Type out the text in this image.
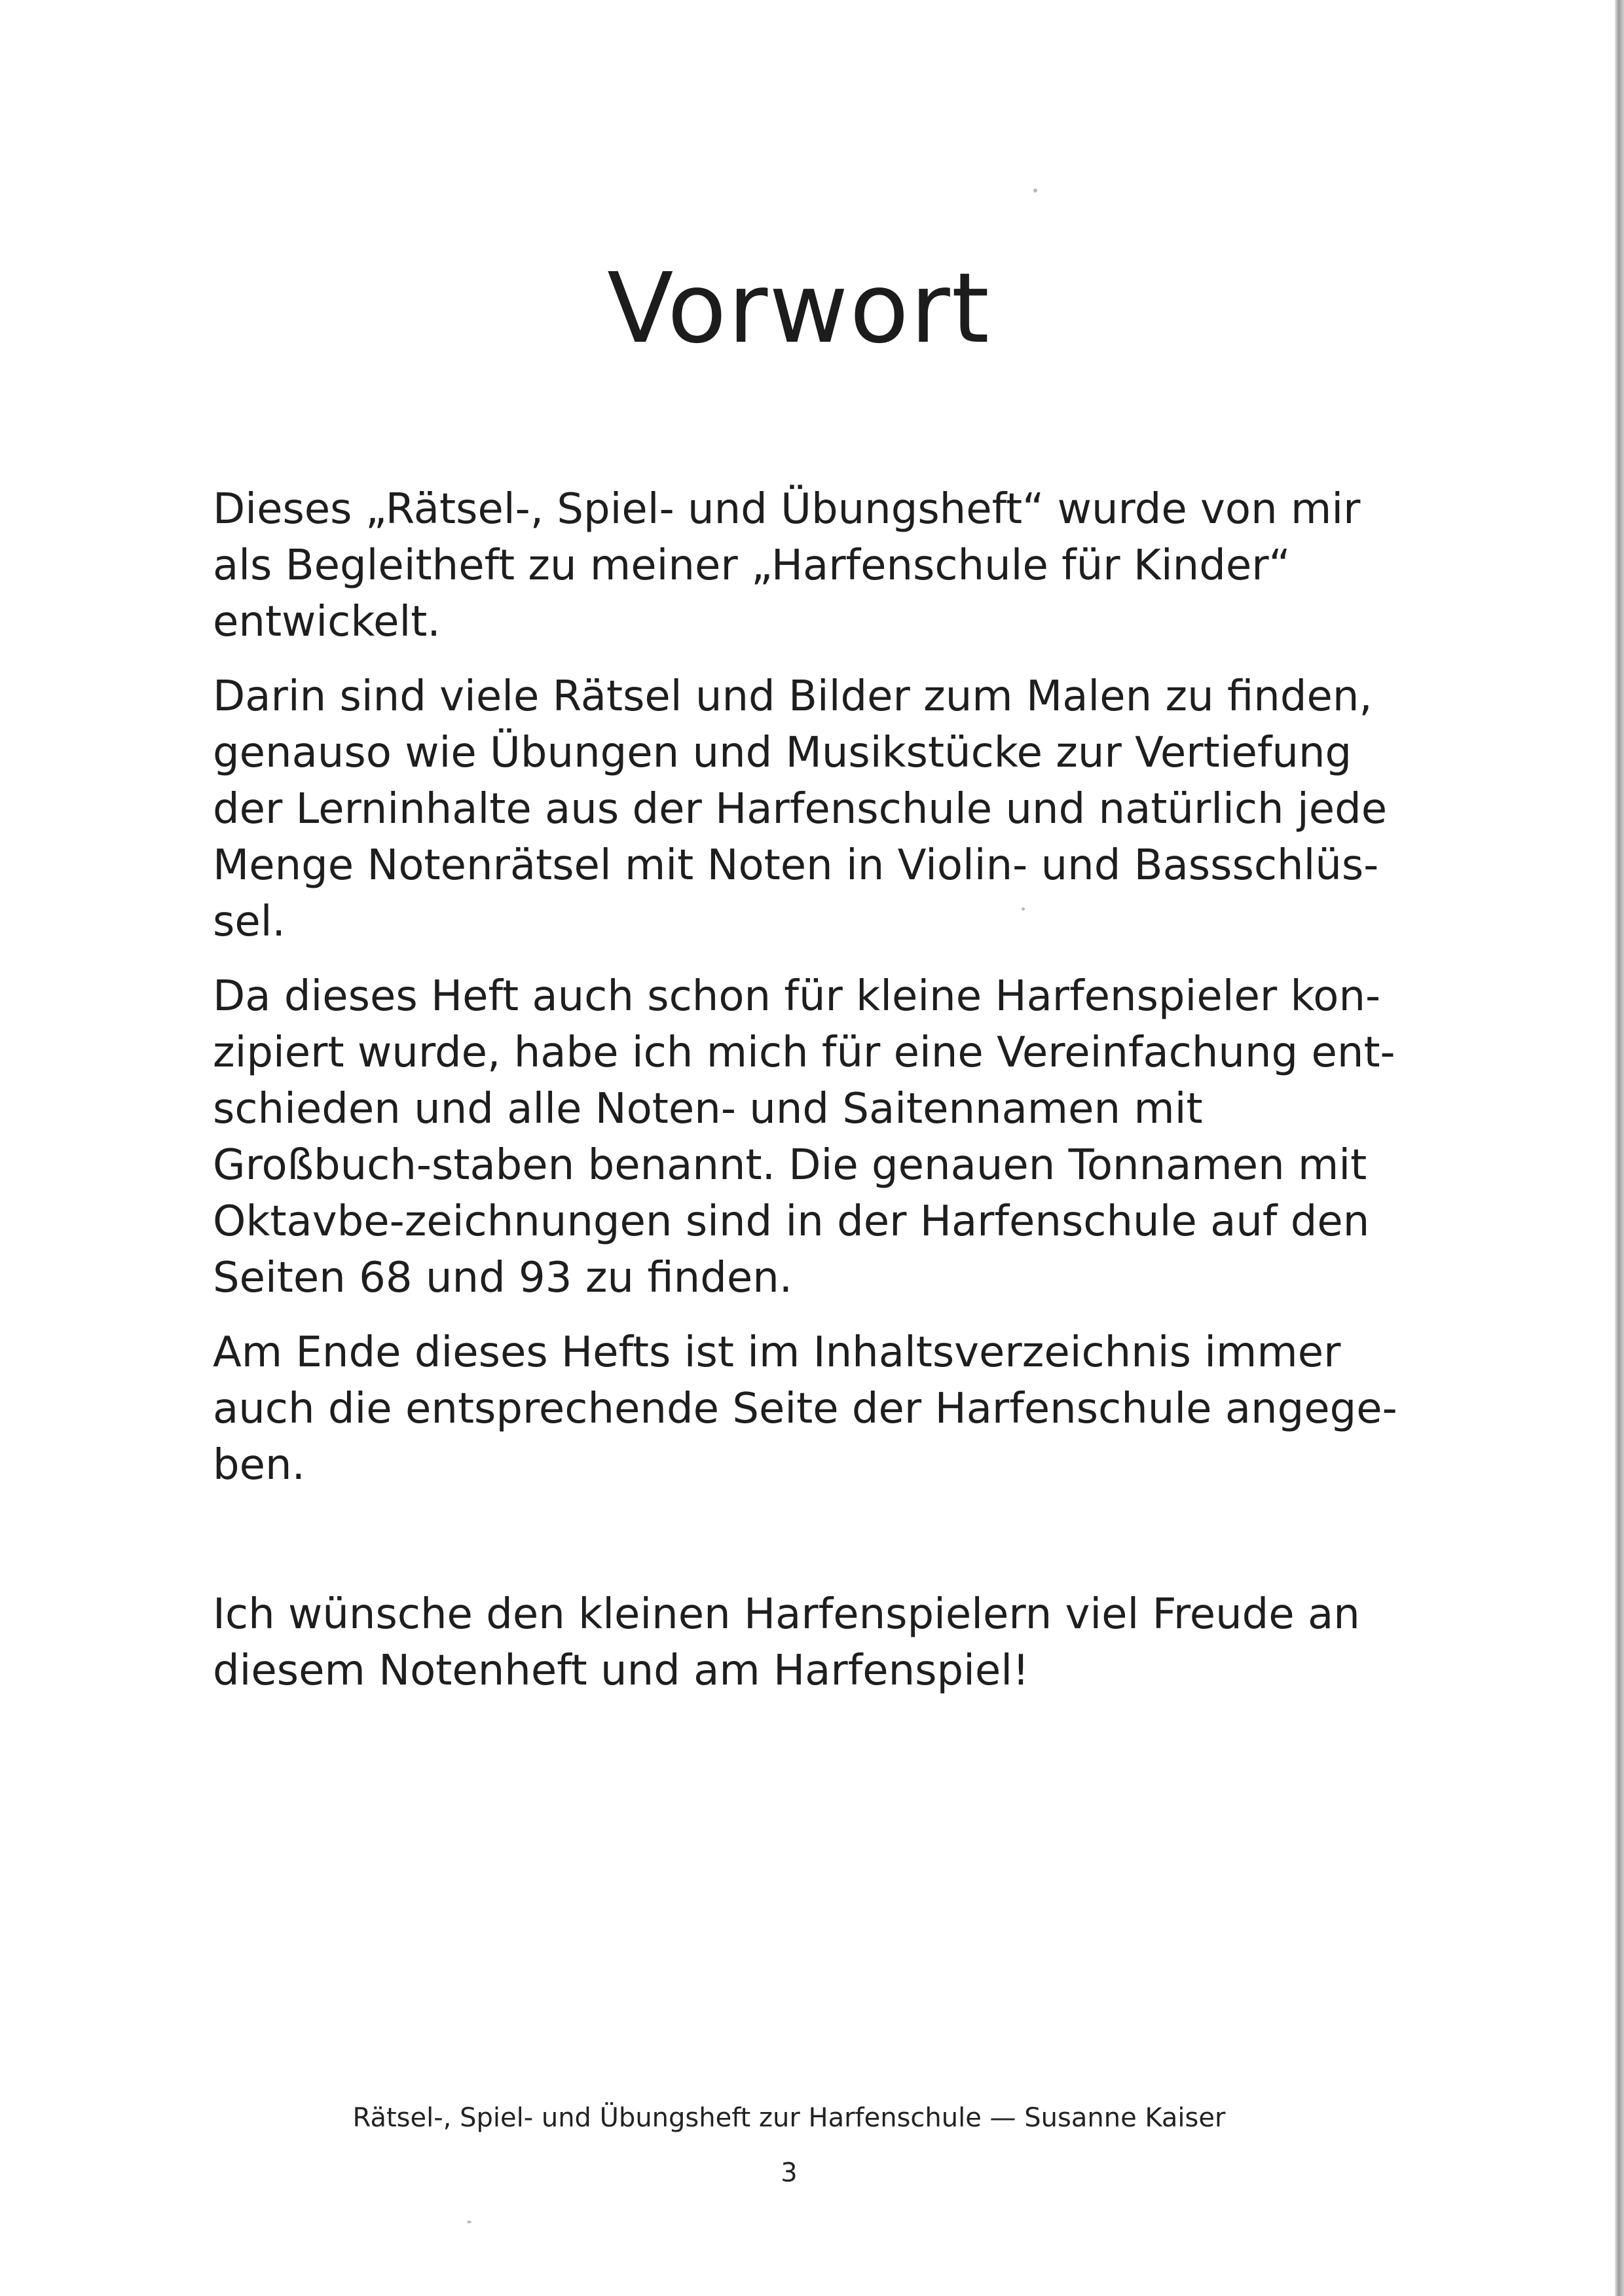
Vorwort

Dieses „Rätsel-, Spiel- und Übungsheft“ wurde von mir als Begleitheft zu meiner „Harfenschule für Kinder“ entwickelt.

Darin sind viele Rätsel und Bilder zum Malen zu finden, genauso wie Übungen und Musikstücke zur Vertiefung der Lerninhalte aus der Harfenschule und natürlich jede Menge Notenrätsel mit Noten in Violin- und Bassschlüs-sel.

Da dieses Heft auch schon für kleine Harfenspieler kon-zipiert wurde, habe ich mich für eine Vereinfachung ent-schieden und alle Noten- und Saitennamen mit Großbuch-staben benannt. Die genauen Tonnamen mit Oktavbe-zeichnungen sind in der Harfenschule auf den Seiten 68 und 93 zu finden.

Am Ende dieses Hefts ist im Inhaltsverzeichnis immer auch die entsprechende Seite der Harfenschule angege-ben.

Ich wünsche den kleinen Harfenspielern viel Freude an diesem Notenheft und am Harfenspiel!

Rätsel-, Spiel- und Übungsheft zur Harfenschule — Susanne Kaiser
3
